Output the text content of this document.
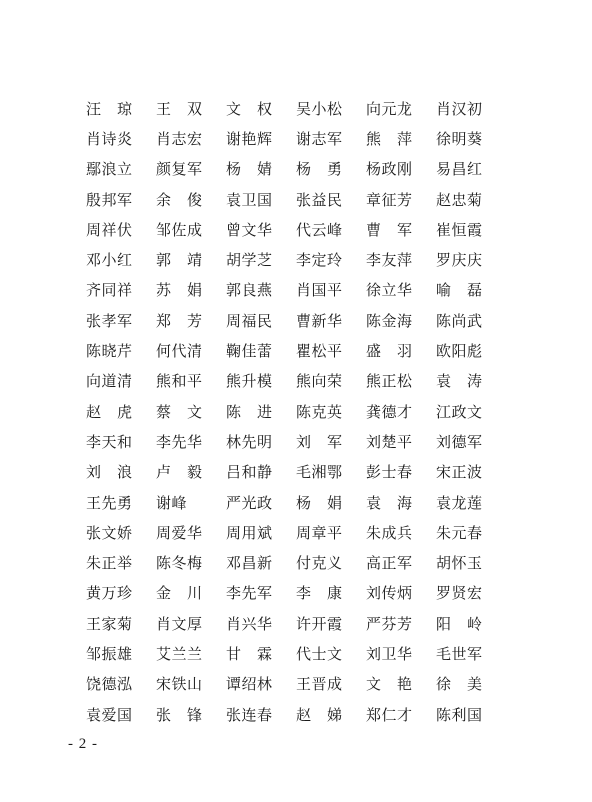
汪　琼	王　双	文　权	吴小松	向元龙	肖汉初
肖诗炎	肖志宏	谢艳辉	谢志军	熊　萍	徐明葵
鄢浪立	颜复军	杨　婧	杨　勇	杨政刚	易昌红
殷邦军	余　俊	袁卫国	张益民	章征芳	赵忠菊
周祥伏	邹佐成	曾文华	代云峰	曹　军	崔恒霞
邓小红	郭　靖	胡学芝	李定玲	李友萍	罗庆庆
齐同祥	苏　娟	郭良燕	肖国平	徐立华	喻　磊
张孝军	郑　芳	周福民	曹新华	陈金海	陈尚武
陈晓芹	何代清	鞠佳蕾	瞿松平	盛　羽	欧阳彪
向道清	熊和平	熊升模	熊向荣	熊正松	袁　涛
赵　虎	蔡　文	陈　进	陈克英	龚德才	江政文
李天和	李先华	林先明	刘　军	刘楚平	刘德军
刘　浪	卢　毅	吕和静	毛湘鄂	彭士春	宋正波
王先勇	谢峰	严光政	杨　娟	袁　海	袁龙莲
张文娇	周爱华	周用斌	周章平	朱成兵	朱元春
朱正举	陈冬梅	邓昌新	付克义	高正军	胡怀玉
黄万珍	金　川	李先军	李　康	刘传炳	罗贤宏
王家菊	肖文厚	肖兴华	许开霞	严芬芳	阳　岭
邹振雄	艾兰兰	甘　霖	代士文	刘卫华	毛世军
饶德泓	宋铁山	谭绍林	王晋成	文　艳	徐　美
袁爱国	张　锋	张连春	赵　娣	郑仁才	陈利国
- 2 -
